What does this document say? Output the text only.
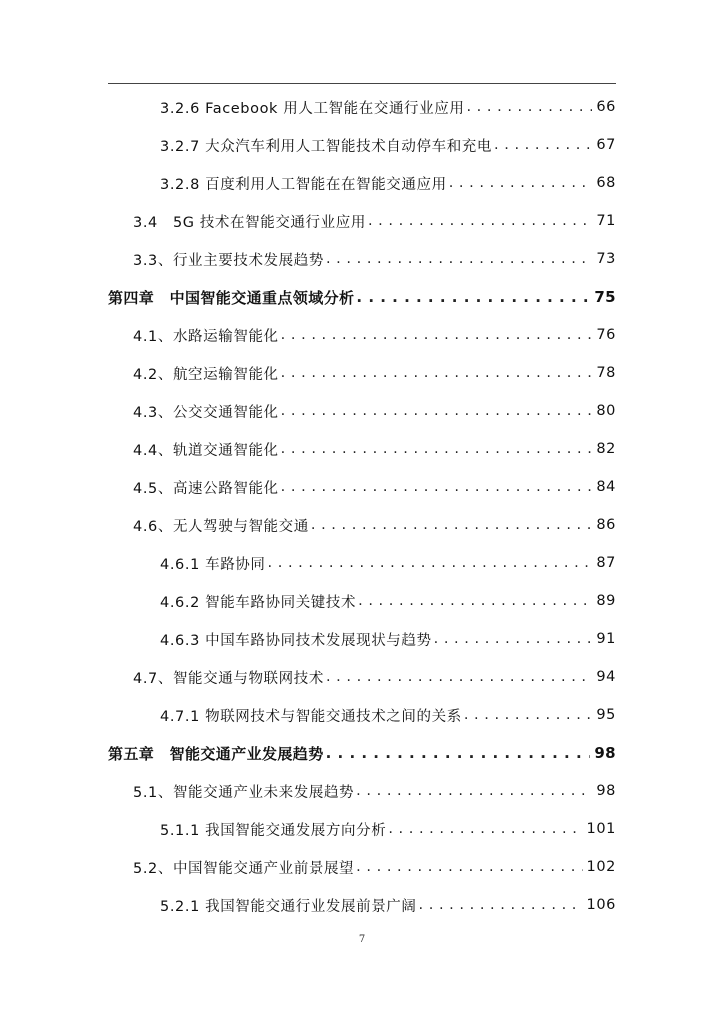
3.2.6 Facebook 用人工智能在交通行业应用 . . .	66
3.2.7 大众汽车利用人工智能技术自动停车和充电 . . .	67
3.2.8 百度利用人工智能在在智能交通应用 . . .	68
3.4　5G 技术在智能交通行业应用 . . .	71
3.3、行业主要技术发展趋势 . . .	73
第四章　中国智能交通重点领域分析 . . .	75
4.1、水路运输智能化 . . .	76
4.2、航空运输智能化 . . .	78
4.3、公交交通智能化 . . .	80
4.4、轨道交通智能化 . . .	82
4.5、高速公路智能化 . . .	84
4.6、无人驾驶与智能交通 . . .	86
4.6.1 车路协同 . . .	87
4.6.2 智能车路协同关键技术 . . .	89
4.6.3 中国车路协同技术发展现状与趋势 . . .	91
4.7、智能交通与物联网技术 . . .	94
4.7.1 物联网技术与智能交通技术之间的关系 . . .	95
第五章　智能交通产业发展趋势 . . .	98
5.1、智能交通产业未来发展趋势 . . .	98
5.1.1 我国智能交通发展方向分析 . . .	101
5.2、中国智能交通产业前景展望 . . .	102
5.2.1 我国智能交通行业发展前景广阔 . . .	106
7
